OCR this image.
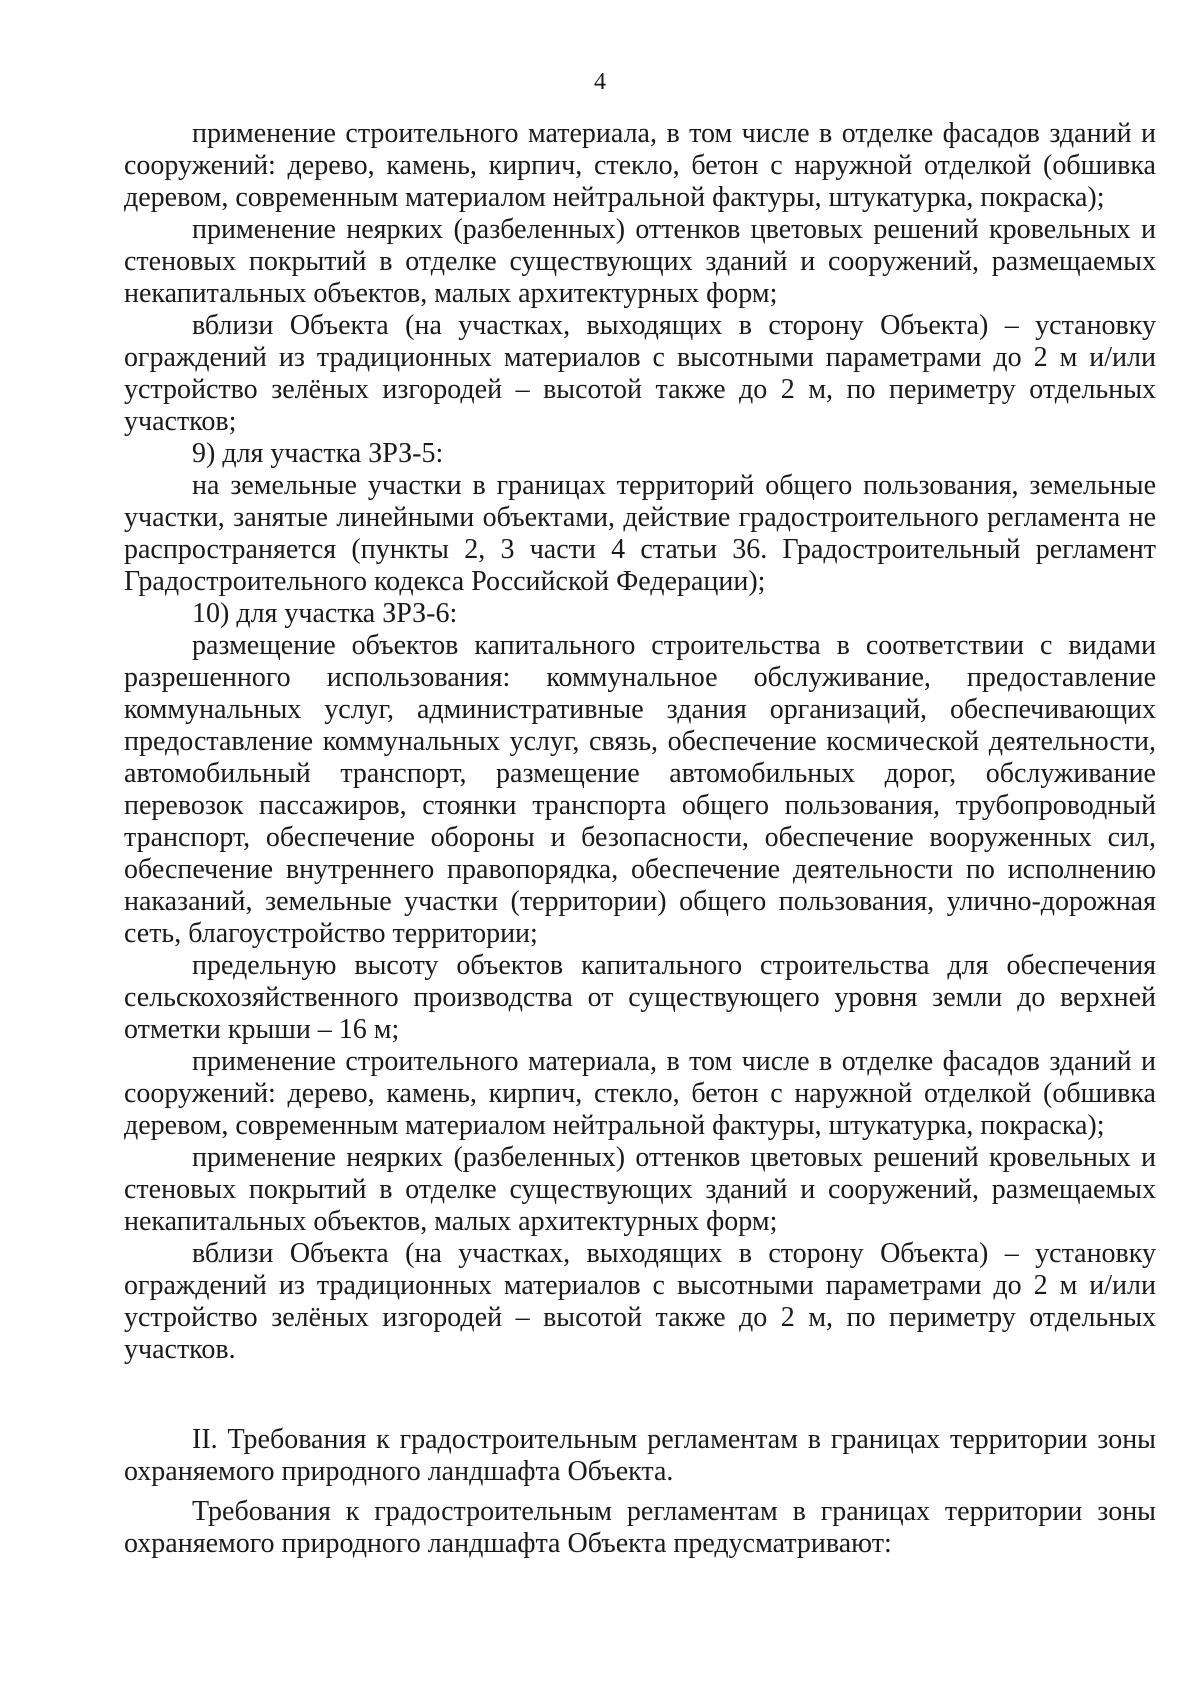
4

применение строительного материала, в том числе в отделке фасадов зданий и сооружений: дерево, камень, кирпич, стекло, бетон с наружной отделкой (обшивка деревом, современным материалом нейтральной фактуры, штукатурка, покраска);

применение неярких (разбеленных) оттенков цветовых решений кровельных и стеновых покрытий в отделке существующих зданий и сооружений, размещаемых некапитальных объектов, малых архитектурных форм;

вблизи Объекта (на участках, выходящих в сторону Объекта) – установку ограждений из традиционных материалов с высотными параметрами до 2 м и/или устройство зелёных изгородей – высотой также до 2 м, по периметру отдельных участков;

9) для участка ЗРЗ-5:

на земельные участки в границах территорий общего пользования, земельные участки, занятые линейными объектами, действие градостроительного регламента не распространяется (пункты 2, 3 части 4 статьи 36. Градостроительный регламент Градостроительного кодекса Российской Федерации);

10) для участка ЗРЗ-6:

размещение объектов капитального строительства в соответствии с видами разрешенного использования: коммунальное обслуживание, предоставление коммунальных услуг, административные здания организаций, обеспечивающих предоставление коммунальных услуг, связь, обеспечение космической деятельности, автомобильный транспорт, размещение автомобильных дорог, обслуживание перевозок пассажиров, стоянки транспорта общего пользования, трубопроводный транспорт, обеспечение обороны и безопасности, обеспечение вооруженных сил, обеспечение внутреннего правопорядка, обеспечение деятельности по исполнению наказаний, земельные участки (территории) общего пользования, улично-дорожная сеть, благоустройство территории;

предельную высоту объектов капитального строительства для обеспечения сельскохозяйственного производства от существующего уровня земли до верхней отметки крыши – 16 м;

применение строительного материала, в том числе в отделке фасадов зданий и сооружений: дерево, камень, кирпич, стекло, бетон с наружной отделкой (обшивка деревом, современным материалом нейтральной фактуры, штукатурка, покраска);

применение неярких (разбеленных) оттенков цветовых решений кровельных и стеновых покрытий в отделке существующих зданий и сооружений, размещаемых некапитальных объектов, малых архитектурных форм;

вблизи Объекта (на участках, выходящих в сторону Объекта) – установку ограждений из традиционных материалов с высотными параметрами до 2 м и/или устройство зелёных изгородей – высотой также до 2 м, по периметру отдельных участков.

II. Требования к градостроительным регламентам в границах территории зоны охраняемого природного ландшафта Объекта.

Требования к градостроительным регламентам в границах территории зоны охраняемого природного ландшафта Объекта предусматривают:
